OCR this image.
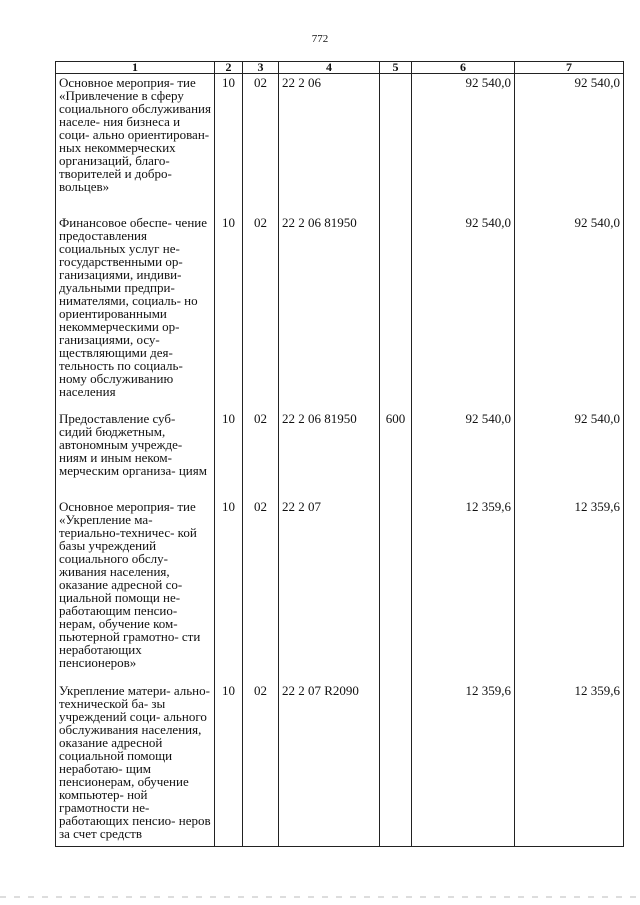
772
1	2	3	4	5	6	7
Основное мероприя- тие «Привлечение в сферу социального обслуживания населе- ния бизнеса и соци- ально ориентирован- ных некоммерческих организаций, благо- творителей и добро- вольцев»	10	02	22 2 06		92 540,0	92 540,0
Финансовое обеспе- чение предоставления социальных услуг не- государственными ор- ганизациями, индиви- дуальными предпри- нимателями, социаль- но ориентированными некоммерческими ор- ганизациями, осу- ществляющими дея- тельность по социаль- ному обслуживанию населения	10	02	22 2 06 81950		92 540,0	92 540,0
Предоставление суб- сидий бюджетным, автономным учрежде- ниям и иным неком- мерческим организа- циям	10	02	22 2 06 81950	600	92 540,0	92 540,0
Основное мероприя- тие «Укрепление ма- териально-техничес- кой базы учреждений социального обслу- живания населения, оказание адресной со- циальной помощи не- работающим пенсио- нерам, обучение ком- пьютерной грамотно- сти неработающих пенсионеров»	10	02	22 2 07		12 359,6	12 359,6
Укрепление матери- ально-технической ба- зы учреждений соци- ального обслуживания населения, оказание адресной социальной помощи неработаю- щим пенсионерам, обучение компьютер- ной грамотности не- работающих пенсио- неров за счет средств	10	02	22 2 07 R2090		12 359,6	12 359,6
